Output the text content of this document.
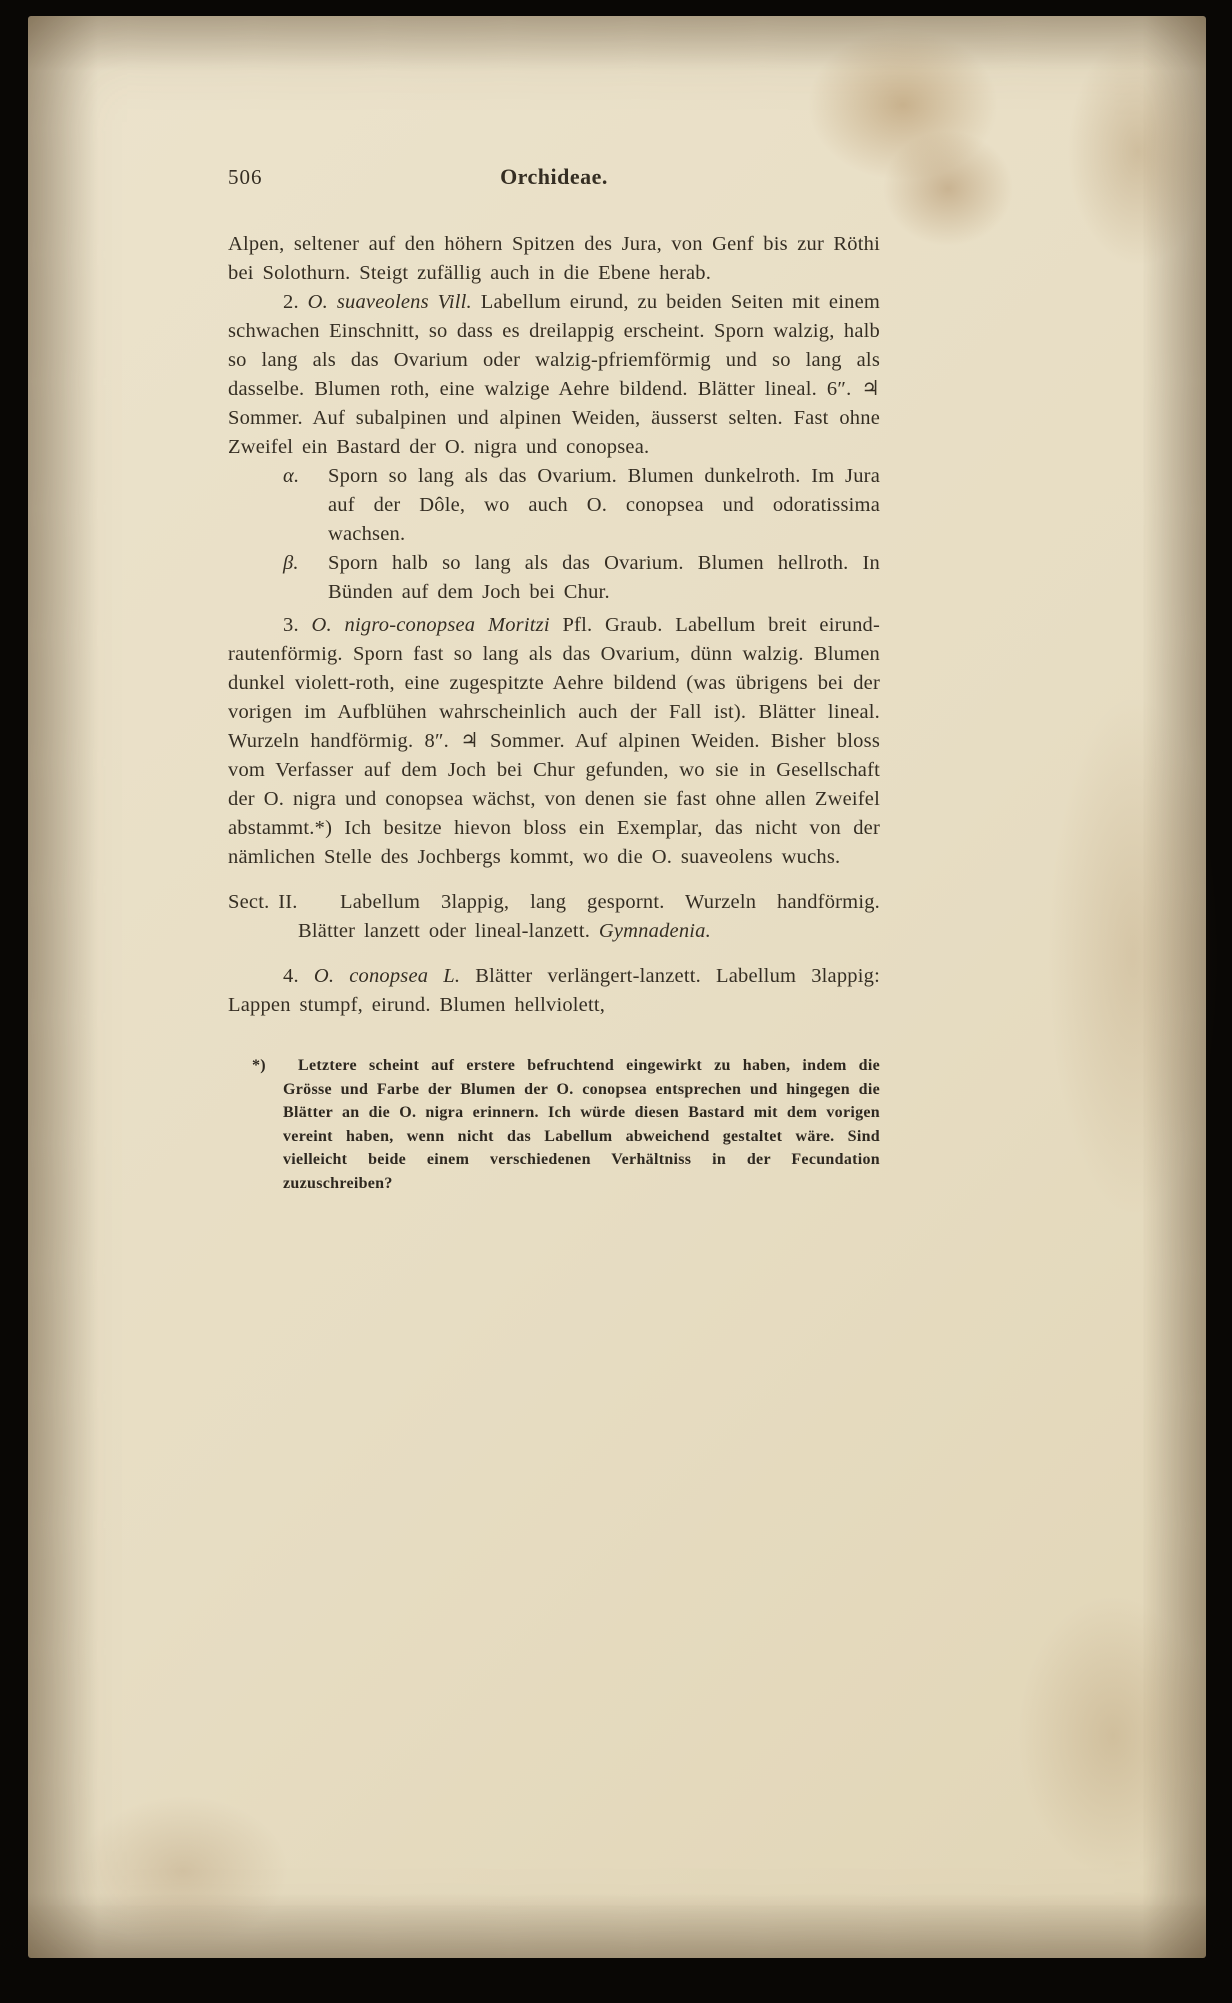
506	Orchideae.

Alpen, seltener auf den höhern Spitzen des Jura, von Genf bis zur Röthi bei Solothurn. Steigt zufällig auch in die Ebene herab.

2. O. suaveolens Vill. Labellum eirund, zu beiden Seiten mit einem schwachen Einschnitt, so dass es dreilappig erscheint. Sporn walzig, halb so lang als das Ovarium oder walzig-pfriemförmig und so lang als dasselbe. Blumen roth, eine walzige Aehre bildend. Blätter lineal. 6″. ♃ Sommer. Auf subalpinen und alpinen Weiden, äusserst selten. Fast ohne Zweifel ein Bastard der O. nigra und conopsea.

α. Sporn so lang als das Ovarium. Blumen dunkelroth. Im Jura auf der Dôle, wo auch O. conopsea und odoratissima wachsen.

β. Sporn halb so lang als das Ovarium. Blumen hellroth. In Bünden auf dem Joch bei Chur.

3. O. nigro-conopsea Moritzi Pfl. Graub. Labellum breit eirund-rautenförmig. Sporn fast so lang als das Ovarium, dünn walzig. Blumen dunkel violett-roth, eine zugespitzte Aehre bildend (was übrigens bei der vorigen im Aufblühen wahrscheinlich auch der Fall ist). Blätter lineal. Wurzeln handförmig. 8″. ♃ Sommer. Auf alpinen Weiden. Bisher bloss vom Verfasser auf dem Joch bei Chur gefunden, wo sie in Gesellschaft der O. nigra und conopsea wächst, von denen sie fast ohne allen Zweifel abstammt.*) Ich besitze hievon bloss ein Exemplar, das nicht von der nämlichen Stelle des Jochbergs kommt, wo die O. suaveolens wuchs.

Sect. II. Labellum 3lappig, lang gespornt. Wurzeln handförmig. Blätter lanzett oder lineal-lanzett. Gymnadenia.

4. O. conopsea L. Blätter verlängert-lanzett. Labellum 3lappig: Lappen stumpf, eirund. Blumen hellviolett,

*) Letztere scheint auf erstere befruchtend eingewirkt zu haben, indem die Grösse und Farbe der Blumen der O. conopsea entsprechen und hingegen die Blätter an die O. nigra erinnern. Ich würde diesen Bastard mit dem vorigen vereint haben, wenn nicht das Labellum abweichend gestaltet wäre. Sind vielleicht beide einem verschiedenen Verhältniss in der Fecundation zuzuschreiben?
